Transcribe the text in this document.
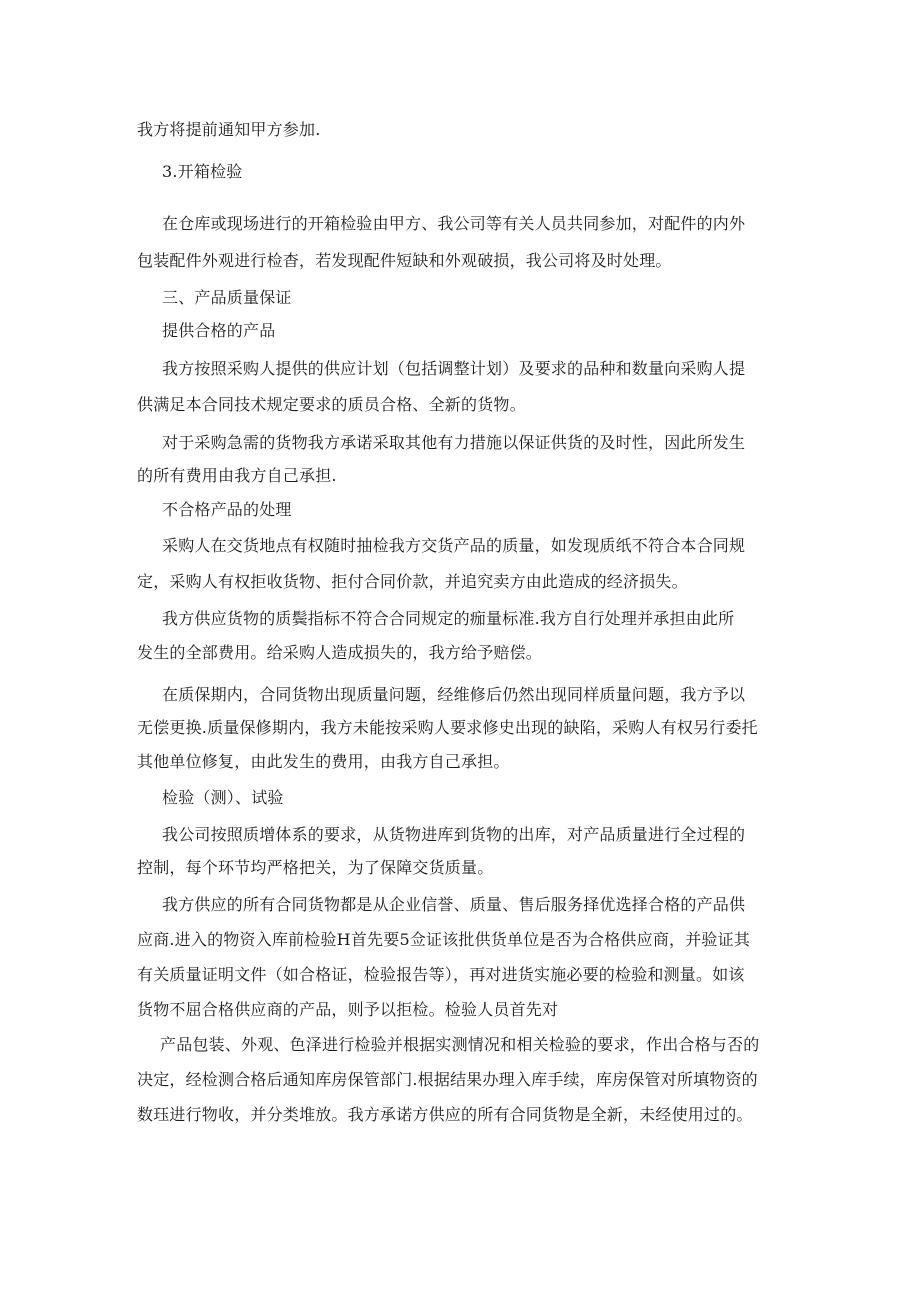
我方将提前通知甲方参加.

3.开箱检验

在仓库或现场进行的开箱检验由甲方、我公司等有关人员共同参加，对配件的内外

包装配件外观进行检杳，若发现配件短缺和外观破损，我公司将及时处理。

三、产品质量保证

提供合格的产品

我方按照采购人提供的供应计划（包括调整计划）及要求的品种和数量向采购人提

供满足本合同技术规定要求的质员合格、全新的货物。

对于采购急需的货物我方承诺采取其他有力措施以保证供货的及时性，因此所发生

的所有费用由我方自己承担.

不合格产品的处理

采购人在交货地点有权随时抽检我方交货产品的质量，如发现质纸不符合本合同规

定，采购人有权拒收货物、拒付合同价款，并追究卖方由此造成的经济损失。

我方供应货物的质鬓指标不符合合同规定的痂量标准.我方自行处理并承担由此所

发生的全部费用。给采购人造成损失的，我方给予赔偿。

在质保期内，合同货物出现质量问题，经维修后仍然出现同样质量问题，我方予以

无偿更换.质量保修期内，我方未能按采购人要求修史出现的缺陷，采购人有权另行委托

其他单位修复，由此发生的费用，由我方自己承担。

检验（测）、试验

我公司按照质增体系的要求，从货物进库到货物的出库，对产品质量进行全过程的

控制，每个环节均严格把关，为了保障交货质量。

我方供应的所有合同货物都是从企业信誉、质量、售后服务择优选择合格的产品供

应商.进入的物资入库前检验H首先要5佥证该批供货单位是否为合格供应商，并验证其

有关质量证明文件（如合格证，检验报告等），再对进货实施必要的检验和测量。如该

货物不屈合格供应商的产品，则予以拒检。检验人员首先对

产品包装、外观、色泽进行检验并根据实测情况和相关检验的要求，作出合格与否的

决定，经检测合格后通知库房保管部门.根据结果办理入库手续，库房保管对所填物资的

数珏进行物收，并分类堆放。我方承诺方供应的所有合同货物是全新，未经使用过的。
